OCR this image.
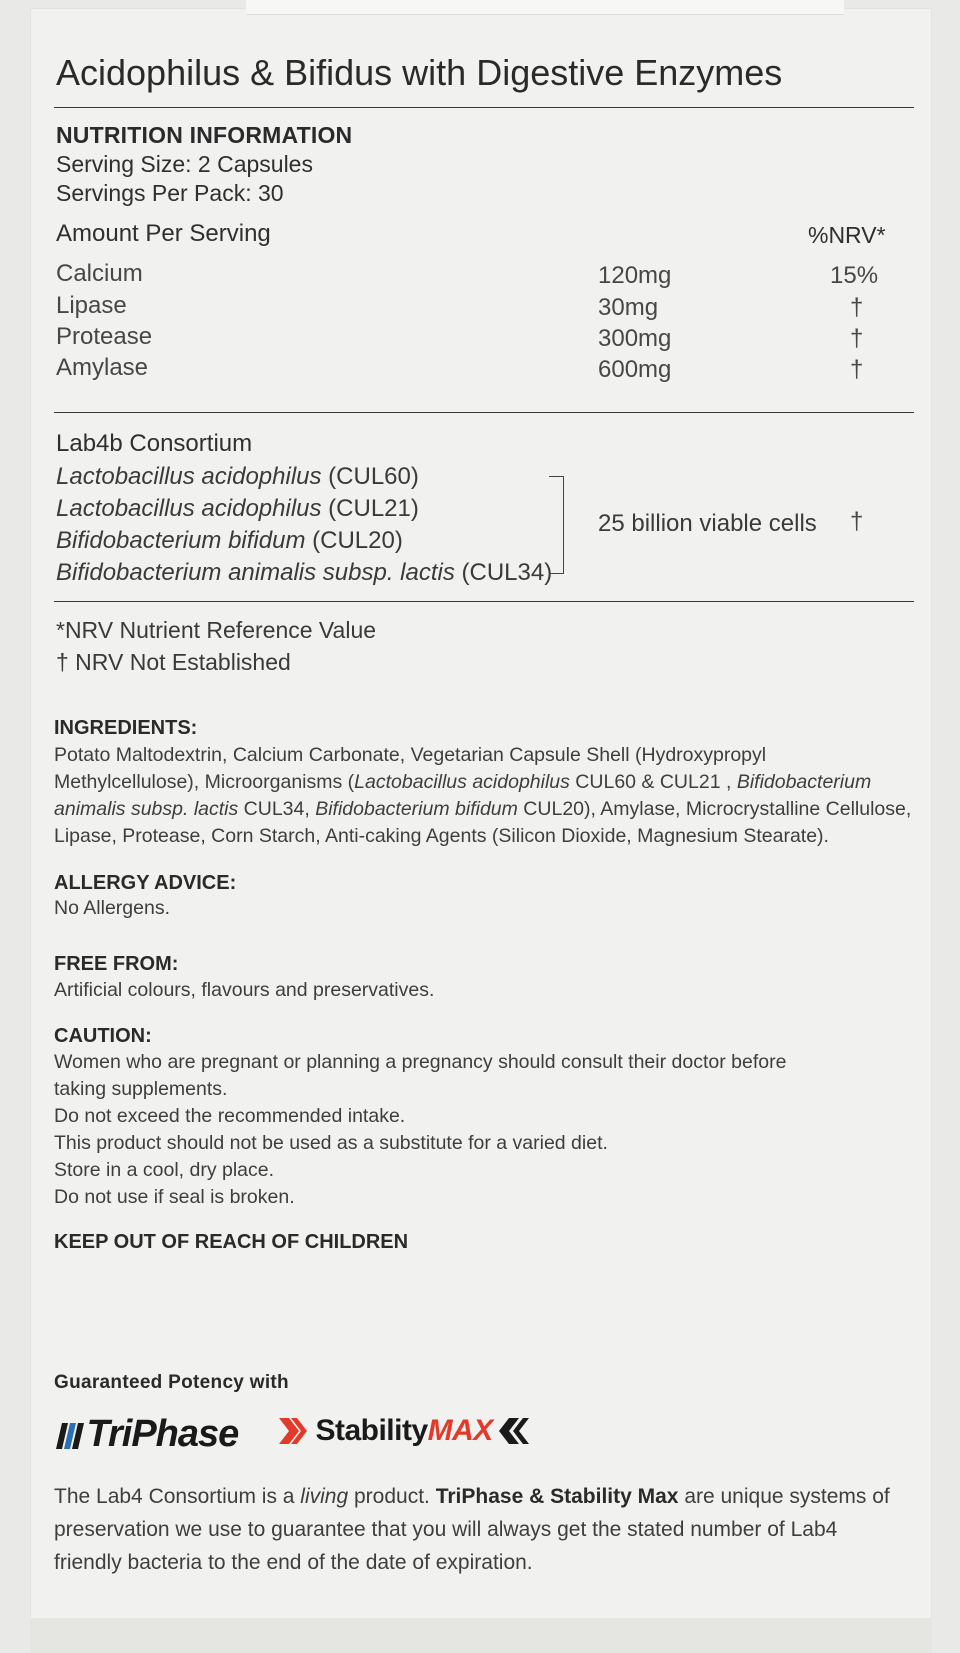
Acidophilus & Bifidus with Digestive Enzymes
NUTRITION INFORMATION
Serving Size: 2 Capsules
Servings Per Pack: 30
Amount Per Serving	%NRV*
Calcium	120mg	15%
Lipase	30mg	†
Protease	300mg	†
Amylase	600mg	†
Lab4b Consortium
Lactobacillus acidophilus (CUL60)
Lactobacillus acidophilus (CUL21)
Bifidobacterium bifidum (CUL20)
Bifidobacterium animalis subsp. lactis (CUL34)
25 billion viable cells †
*NRV Nutrient Reference Value
† NRV Not Established
INGREDIENTS:
Potato Maltodextrin, Calcium Carbonate, Vegetarian Capsule Shell (Hydroxypropyl Methylcellulose), Microorganisms (Lactobacillus acidophilus CUL60 & CUL21 , Bifidobacterium animalis subsp. lactis CUL34, Bifidobacterium bifidum CUL20), Amylase, Microcrystalline Cellulose, Lipase, Protease, Corn Starch, Anti-caking Agents (Silicon Dioxide, Magnesium Stearate).
ALLERGY ADVICE:
No Allergens.
FREE FROM:
Artificial colours, flavours and preservatives.
CAUTION:
Women who are pregnant or planning a pregnancy should consult their doctor before
taking supplements.
Do not exceed the recommended intake.
This product should not be used as a substitute for a varied diet.
Store in a cool, dry place.
Do not use if seal is broken.
KEEP OUT OF REACH OF CHILDREN
Guaranteed Potency with
TriPhase	StabilityMAX
The Lab4 Consortium is a living product. TriPhase & Stability Max are unique systems of preservation we use to guarantee that you will always get the stated number of Lab4 friendly bacteria to the end of the date of expiration.
